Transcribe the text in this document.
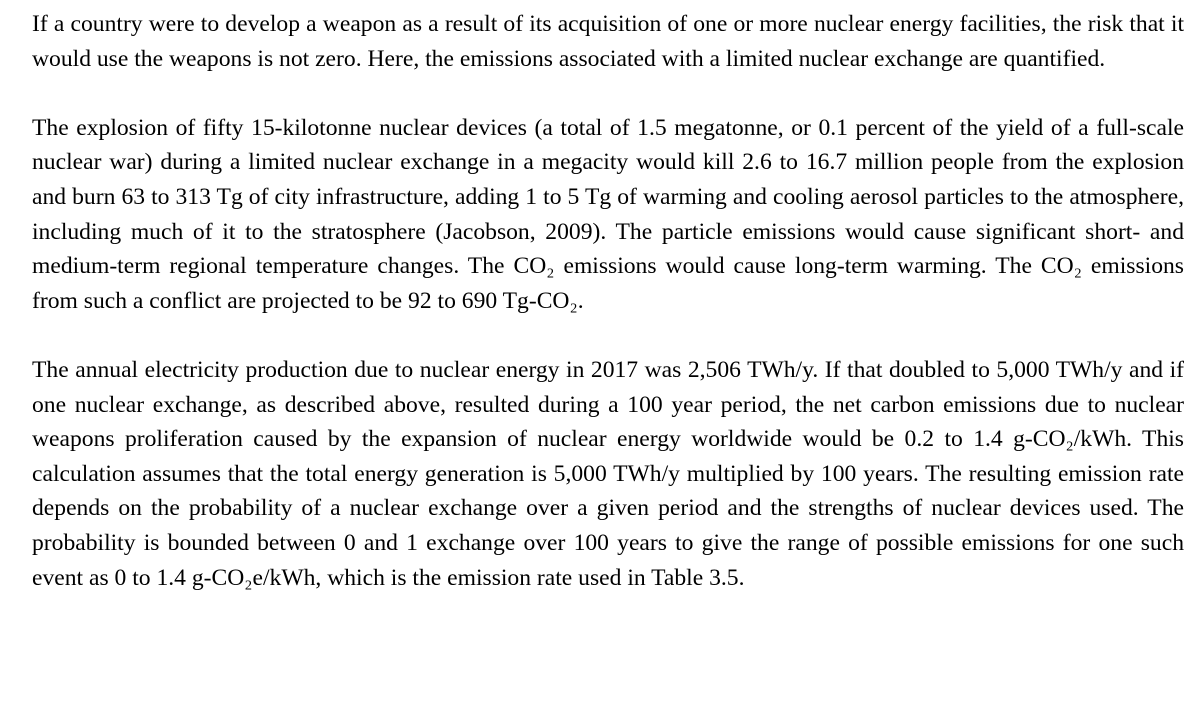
If a country were to develop a weapon as a result of its acquisition of one or more nuclear energy facilities, the risk that it would use the weapons is not zero. Here, the emissions associated with a limited nuclear exchange are quantified.

The explosion of fifty 15-kilotonne nuclear devices (a total of 1.5 megatonne, or 0.1 percent of the yield of a full-scale nuclear war) during a limited nuclear exchange in a megacity would kill 2.6 to 16.7 million people from the explosion and burn 63 to 313 Tg of city infrastructure, adding 1 to 5 Tg of warming and cooling aerosol particles to the atmosphere, including much of it to the stratosphere (Jacobson, 2009). The particle emissions would cause significant short- and medium-term regional temperature changes. The CO₂ emissions would cause long-term warming. The CO₂ emissions from such a conflict are projected to be 92 to 690 Tg-CO₂.

The annual electricity production due to nuclear energy in 2017 was 2,506 TWh/y. If that doubled to 5,000 TWh/y and if one nuclear exchange, as described above, resulted during a 100 year period, the net carbon emissions due to nuclear weapons proliferation caused by the expansion of nuclear energy worldwide would be 0.2 to 1.4 g-CO₂/kWh. This calculation assumes that the total energy generation is 5,000 TWh/y multiplied by 100 years. The resulting emission rate depends on the probability of a nuclear exchange over a given period and the strengths of nuclear devices used. The probability is bounded between 0 and 1 exchange over 100 years to give the range of possible emissions for one such event as 0 to 1.4 g-CO₂e/kWh, which is the emission rate used in Table 3.5.
